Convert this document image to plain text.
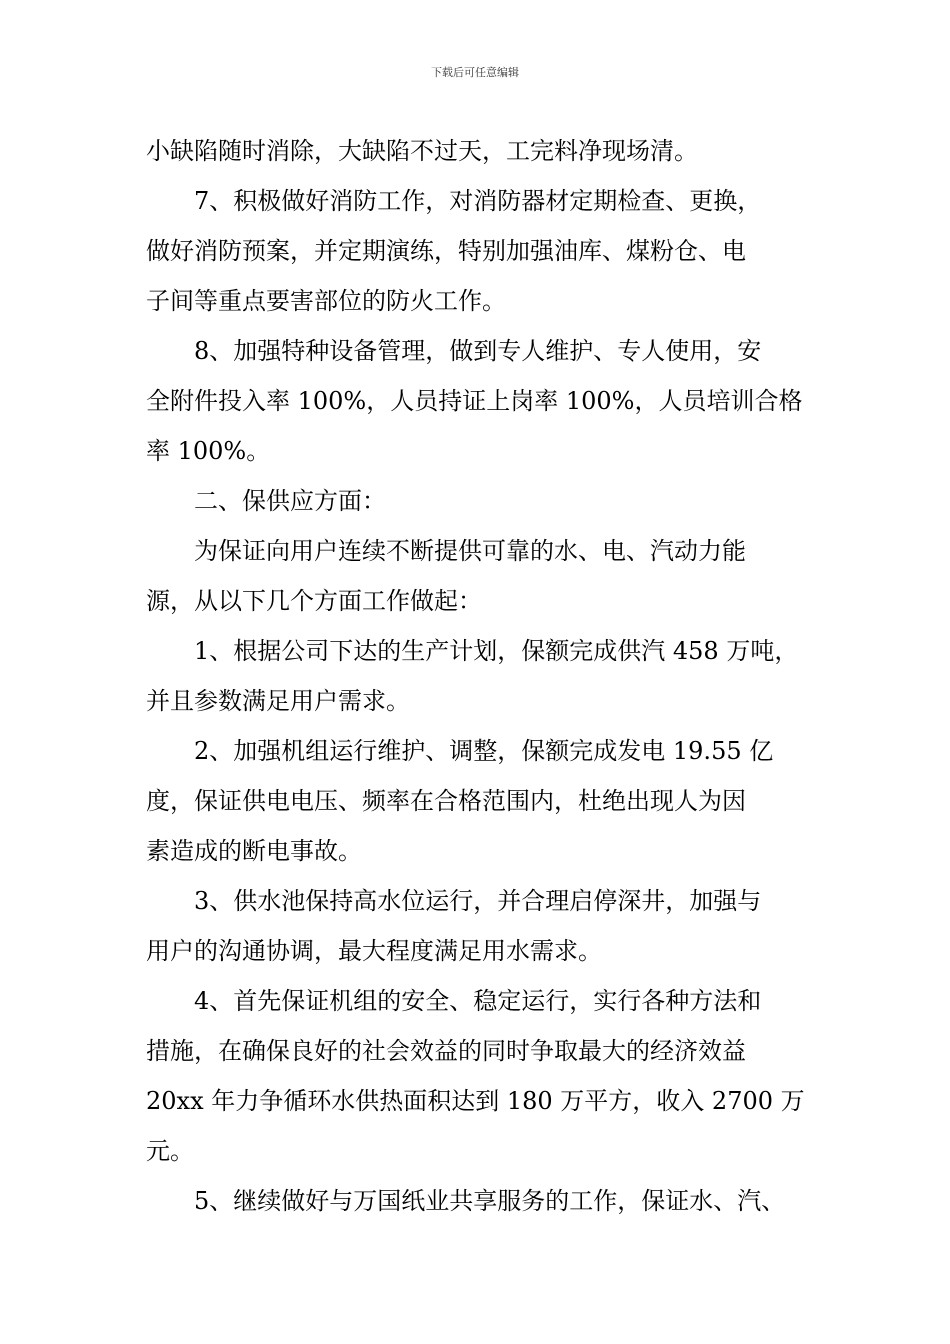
下载后可任意编辑
小缺陷随时消除，大缺陷不过天，工完料净现场清。
7、积极做好消防工作，对消防器材定期检查、更换，
做好消防预案，并定期演练，特别加强油库、煤粉仓、电
子间等重点要害部位的防火工作。
8、加强特种设备管理，做到专人维护、专人使用，安
全附件投入率 100%，人员持证上岗率 100%，人员培训合格
率 100%。
二、保供应方面：
为保证向用户连续不断提供可靠的水、电、汽动力能
源，从以下几个方面工作做起：
1、根据公司下达的生产计划，保额完成供汽 458 万吨，
并且参数满足用户需求。
2、加强机组运行维护、调整，保额完成发电 19.55 亿
度，保证供电电压、频率在合格范围内，杜绝出现人为因
素造成的断电事故。
3、供水池保持高水位运行，并合理启停深井，加强与
用户的沟通协调，最大程度满足用水需求。
4、首先保证机组的安全、稳定运行，实行各种方法和
措施，在确保良好的社会效益的同时争取最大的经济效益
20xx 年力争循环水供热面积达到 180 万平方，收入 2700 万
元。
5、继续做好与万国纸业共享服务的工作，保证水、汽、
